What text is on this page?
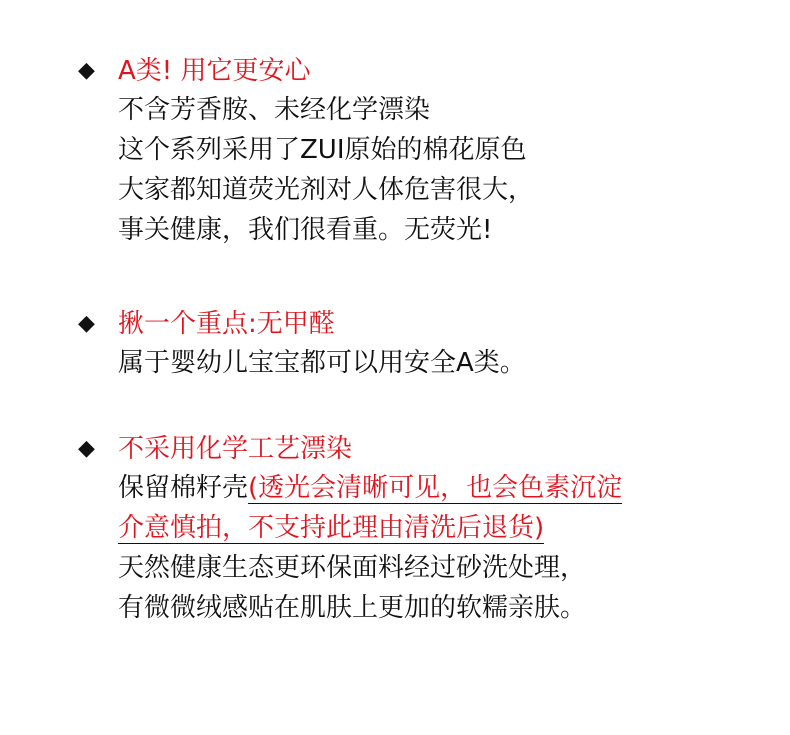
◆ A类! 用它更安心
不含芳香胺、未经化学漂染
这个系列采用了ZUI原始的棉花原色
大家都知道荧光剂对人体危害很大，
事关健康，我们很看重。无荧光!
◆ 揪一个重点:无甲醛
属于婴幼儿宝宝都可以用安全A类。
◆ 不采用化学工艺漂染
保留棉籽壳(透光会清晰可见，也会色素沉淀
介意慎拍，不支持此理由清洗后退货)
天然健康生态更环保面料经过砂洗处理，
有微微绒感贴在肌肤上更加的软糯亲肤。
